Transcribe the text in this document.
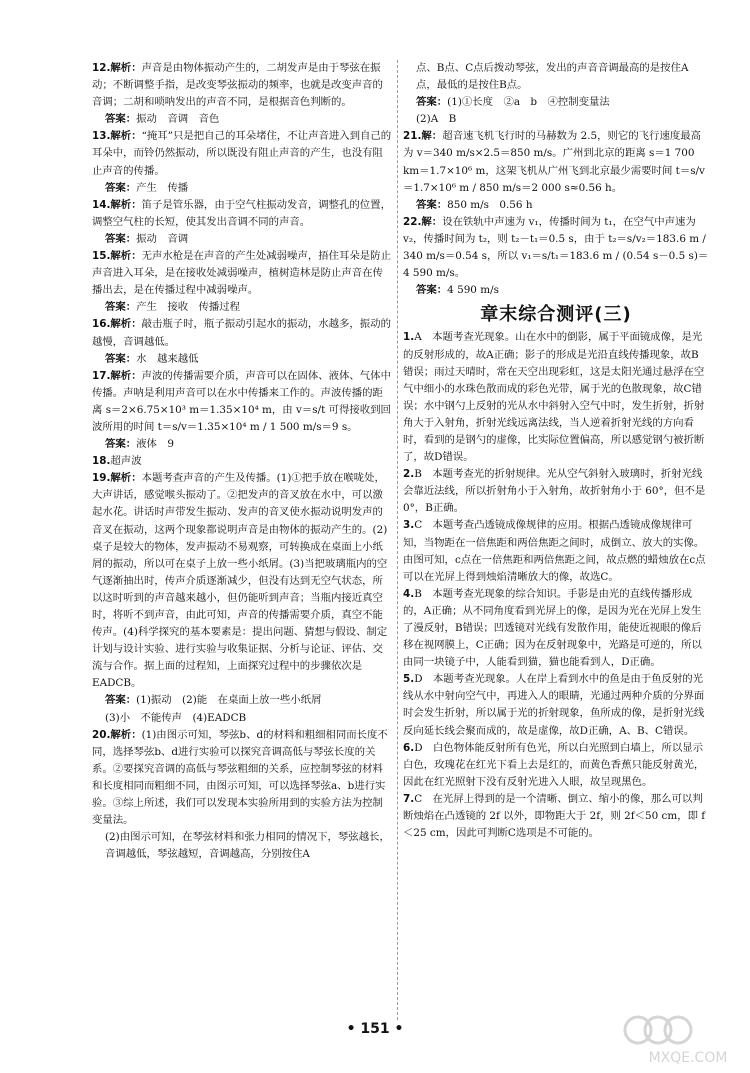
12.解析：声音是由物体振动产生的，二胡发声是由于琴弦在振动；不断调整手指，是改变琴弦振动的频率，也就是改变声音的音调；二胡和唢呐发出的声音不同，是根据音色判断的。
答案：振动　音调　音色
13.解析：“掩耳”只是把自己的耳朵堵住，不让声音进入到自己的耳朵中，而铃仍然振动，所以既没有阻止声音的产生，也没有阻止声音的传播。
答案：产生　传播
14.解析：笛子是管乐器，由于空气柱振动发音，调整孔的位置，调整空气柱的长短，使其发出音调不同的声音。
答案：振动　音调
15.解析：无声水枪是在声音的产生处减弱噪声，捂住耳朵是防止声音进入耳朵，是在接收处减弱噪声，植树造林是防止声音在传播出去，是在传播过程中减弱噪声。
答案：产生　接收　传播过程
16.解析：敲击瓶子时，瓶子振动引起水的振动，水越多，振动的越慢，音调越低。
答案：水　越来越低
17.解析：声波的传播需要介质，声音可以在固体、液体、气体中传播。声呐是利用声音可以在水中传播来工作的。声波传播的距离 s＝2×6.75×10³ m＝1.35×10⁴ m，由 v＝s/t 可得接收到回波所用的时间 t＝s/v＝1.35×10⁴ m / 1 500 m/s＝9 s。
答案：液体　9
18.超声波
19.解析：本题考查声音的产生及传播。(1)①把手放在喉咙处，大声讲话，感觉喉头振动了。②把发声的音叉放在水中，可以激起水花。讲话时声带发生振动、发声的音叉使水振动说明发声的音叉在振动，这两个现象都说明声音是由物体的振动产生的。(2)桌子是较大的物体，发声振动不易观察，可转换成在桌面上小纸屑的振动，所以可在桌子上放一些小纸屑。(3)当把玻璃瓶内的空气逐渐抽出时，传声介质逐渐减少，但没有达到无空气状态，所以这时听到的声音越来越小，但仍能听到声音；当瓶内接近真空时，将听不到声音，由此可知，声音的传播需要介质，真空不能传声。(4)科学探究的基本要素是：提出问题、猜想与假设、制定计划与设计实验、进行实验与收集证据、分析与论证、评估、交流与合作。据上面的过程知，上面探究过程中的步骤依次是 EADCB。
答案：(1)振动　(2)能　在桌面上放一些小纸屑
(3)小　不能传声　(4)EADCB
20.解析：(1)由图示可知，琴弦b、d的材料和粗细相同而长度不同，选择琴弦b、d进行实验可以探究音调高低与琴弦长度的关系。②要探究音调的高低与琴弦粗细的关系，应控制琴弦的材料和长度相同而粗细不同，由图示可知，可以选择琴弦a、b进行实验。③综上所述，我们可以发现本实验所用到的实验方法为控制变量法。
(2)由图示可知，在琴弦材料和张力相同的情况下，琴弦越长，音调越低，琴弦越短，音调越高，分别按住A
点、B点、C点后拨动琴弦，发出的声音音调最高的是按住A点，最低的是按住B点。
答案：(1)①长度　②a　b　④控制变量法
(2)A　B
21.解：超音速飞机飞行时的马赫数为 2.5，则它的飞行速度最高为 v＝340 m/s×2.5＝850 m/s。广州到北京的距离 s＝1 700 km＝1.7×10⁶ m，这架飞机从广州飞到北京最少需要时间 t＝s/v＝1.7×10⁶ m / 850 m/s＝2 000 s≈0.56 h。
答案：850 m/s　0.56 h
22.解：设在铁轨中声速为 v₁，传播时间为 t₁，在空气中声速为 v₂，传播时间为 t₂，则 t₂－t₁＝0.5 s，由于 t₂＝s/v₂＝183.6 m / 340 m/s＝0.54 s，所以 v₁＝s/t₁＝183.6 m / (0.54 s－0.5 s)＝4 590 m/s。
答案：4 590 m/s
章末综合测评(三)
1.A　本题考查光现象。山在水中的倒影，属于平面镜成像，是光的反射形成的，故A正确；影子的形成是光沿直线传播现象，故B错误；雨过天晴时，常在天空出现彩虹，这是太阳光通过悬浮在空气中细小的水珠色散而成的彩色光带，属于光的色散现象，故C错误；水中钢勺上反射的光从水中斜射入空气中时，发生折射，折射角大于入射角，折射光线远离法线，当人逆着折射光线的方向看时，看到的是钢勺的虚像，比实际位置偏高，所以感觉钢勺被折断了，故D错误。
2.B　本题考查光的折射规律。光从空气斜射入玻璃时，折射光线会靠近法线，所以折射角小于入射角，故折射角小于 60°，但不是 0°，B正确。
3.C　本题考查凸透镜成像规律的应用。根据凸透镜成像规律可知，当物距在一倍焦距和两倍焦距之间时，成倒立、放大的实像。由图可知，c点在一倍焦距和两倍焦距之间，故点燃的蜡烛放在c点可以在光屏上得到烛焰清晰放大的像，故选C。
4.B　本题考查光现象的综合知识。手影是由光的直线传播形成的，A正确；从不同角度看到光屏上的像，是因为光在光屏上发生了漫反射，B错误；凹透镜对光线有发散作用，能使近视眼的像后移在视网膜上，C正确；因为在反射现象中，光路是可逆的，所以由同一块镜子中，人能看到猫，猫也能看到人，D正确。
5.D　本题考查光现象。人在岸上看到水中的鱼是由于鱼反射的光线从水中射向空气中，再进入人的眼睛，光通过两种介质的分界面时会发生折射，所以属于光的折射现象，鱼所成的像，是折射光线反向延长线会聚而成的，故是虚像，故D正确，A、B、C错误。
6.D　白色物体能反射所有色光，所以白光照到白墙上，所以显示白色，玫瑰花在红光下看上去是红的，而黄色香蕉只能反射黄光，因此在红光照射下没有反射光进入人眼，故呈现黑色。
7.C　在光屏上得到的是一个清晰、倒立、缩小的像，那么可以判断烛焰在凸透镜的 2f 以外，即物距大于 2f，则 2f＜50 cm，即 f＜25 cm，因此可判断C选项是不可能的。
• 151 •
MXQE.COM
